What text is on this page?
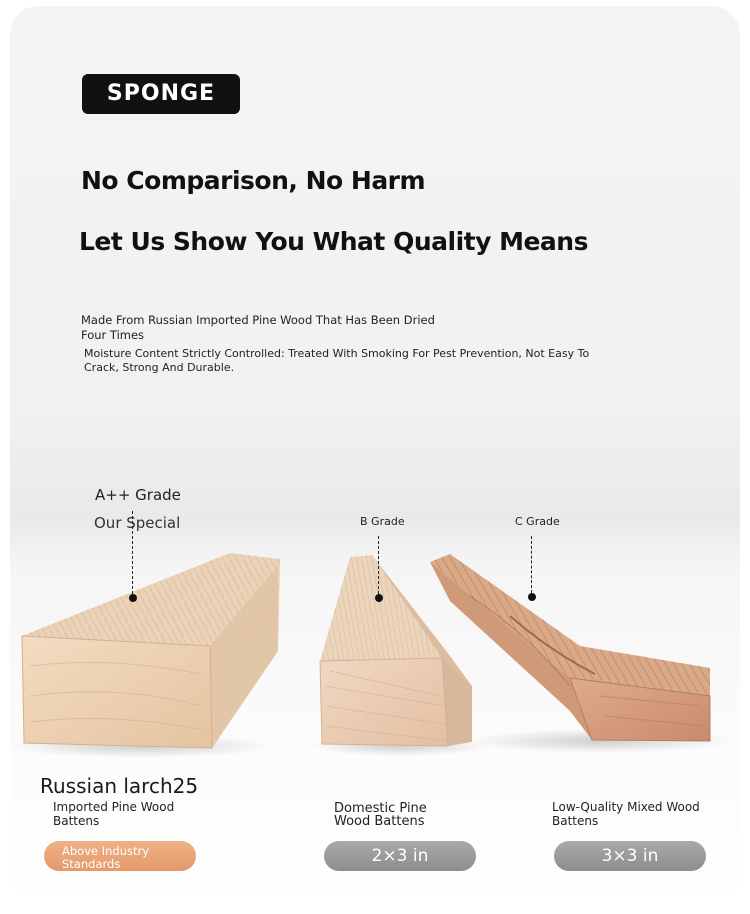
SPONGE
No Comparison, No Harm
Let Us Show You What Quality Means
Made From Russian Imported Pine Wood That Has Been Dried Four Times
Moisture Content Strictly Controlled: Treated With Smoking For Pest Prevention, Not Easy To Crack, Strong And Durable.
A++ Grade
Our Special	B Grade	C Grade
Russian larch25
Imported Pine Wood Battens
Domestic Pine Wood Battens
Low-Quality Mixed Wood Battens
Above Industry Standards	2×3 in	3×3 in
